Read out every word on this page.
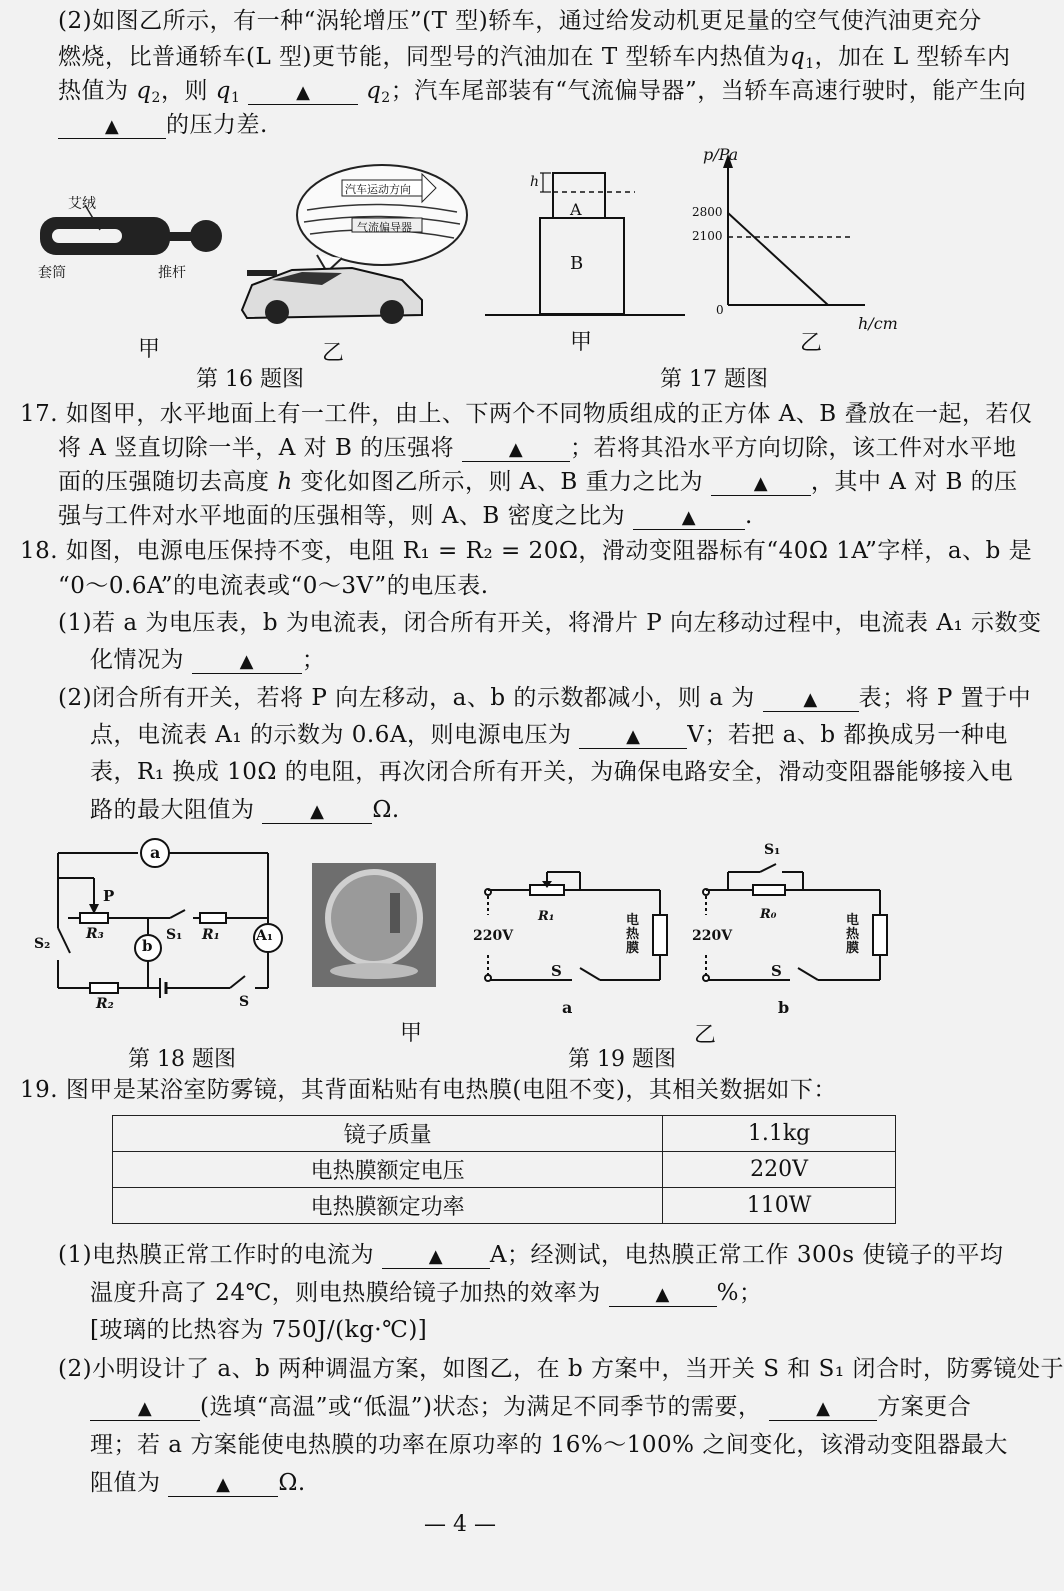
(2)如图乙所示，有一种“涡轮增压”(T 型)轿车，通过给发动机更足量的空气使汽油更充分
燃烧，比普通轿车(L 型)更节能，同型号的汽油加在 T 型轿车内热值为$q_1$，加在 L 型轿车内
热值为 $q_2$，则 $q_1$	▲ $q_2$；汽车尾部装有“气流偏导器”，当轿车高速行驶时，能产生向
▲ 的压力差.
艾绒
套筒	推杆
甲
汽车运动方向
气流偏导器
乙
第 16 题图
h
A
B
甲
p/Pa
2800
2100
0
h/cm
乙
第 17 题图
17. 如图甲，水平地面上有一工件，由上、下两个不同物质组成的正方体 A、B 叠放在一起，若仅
将 A 竖直切除一半，A 对 B 的压强将	▲ ；若将其沿水平方向切除，该工件对水平地
面的压强随切去高度 h 变化如图乙所示，则 A、B 重力之比为	▲ ，其中 A 对 B 的压
强与工件对水平地面的压强相等，则 A、B 密度之比为	▲ .
18. 如图，电源电压保持不变，电阻 R₁ = R₂ = 20Ω，滑动变阻器标有“40Ω 1A”字样，a、b 是
“0～0.6A”的电流表或“0～3V”的电压表.
(1)若 a 为电压表，b 为电流表，闭合所有开关，将滑片 P 向左移动过程中，电流表 A₁ 示数变
化情况为	▲ ；
(2)闭合所有开关，若将 P 向左移动，a、b 的示数都减小，则 a 为	▲ 表；将 P 置于中
点，电流表 A₁ 的示数为 0.6A，则电源电压为	▲ V；若把 a、b 都换成另一种电
表，R₁ 换成 10Ω 的电阻，再次闭合所有开关，为确保电路安全，滑动变阻器能够接入电
路的最大阻值为	▲ Ω.
a
P
R₃
b
S₁ R₁	A₁
S₂
R₂	S
第 18 题图
甲
220V
R₁
S
电热膜
a
S₁
220V
R₀
S
电热膜
b
乙
第 19 题图
19. 图甲是某浴室防雾镜，其背面粘贴有电热膜(电阻不变)，其相关数据如下：
镜子质量	1.1kg
电热膜额定电压	220V
电热膜额定功率	110W
(1)电热膜正常工作时的电流为	▲ A；经测试，电热膜正常工作 300s 使镜子的平均
温度升高了 24℃，则电热膜给镜子加热的效率为	▲ %；
[玻璃的比热容为 750J/(kg·℃)]
(2)小明设计了 a、b 两种调温方案，如图乙，在 b 方案中，当开关 S 和 S₁ 闭合时，防雾镜处于
▲ (选填“高温”或“低温”)状态；为满足不同季节的需要，	▲ 方案更合
理；若 a 方案能使电热膜的功率在原功率的 16%～100% 之间变化，该滑动变阻器最大
阻值为	▲ Ω.
— 4 —
